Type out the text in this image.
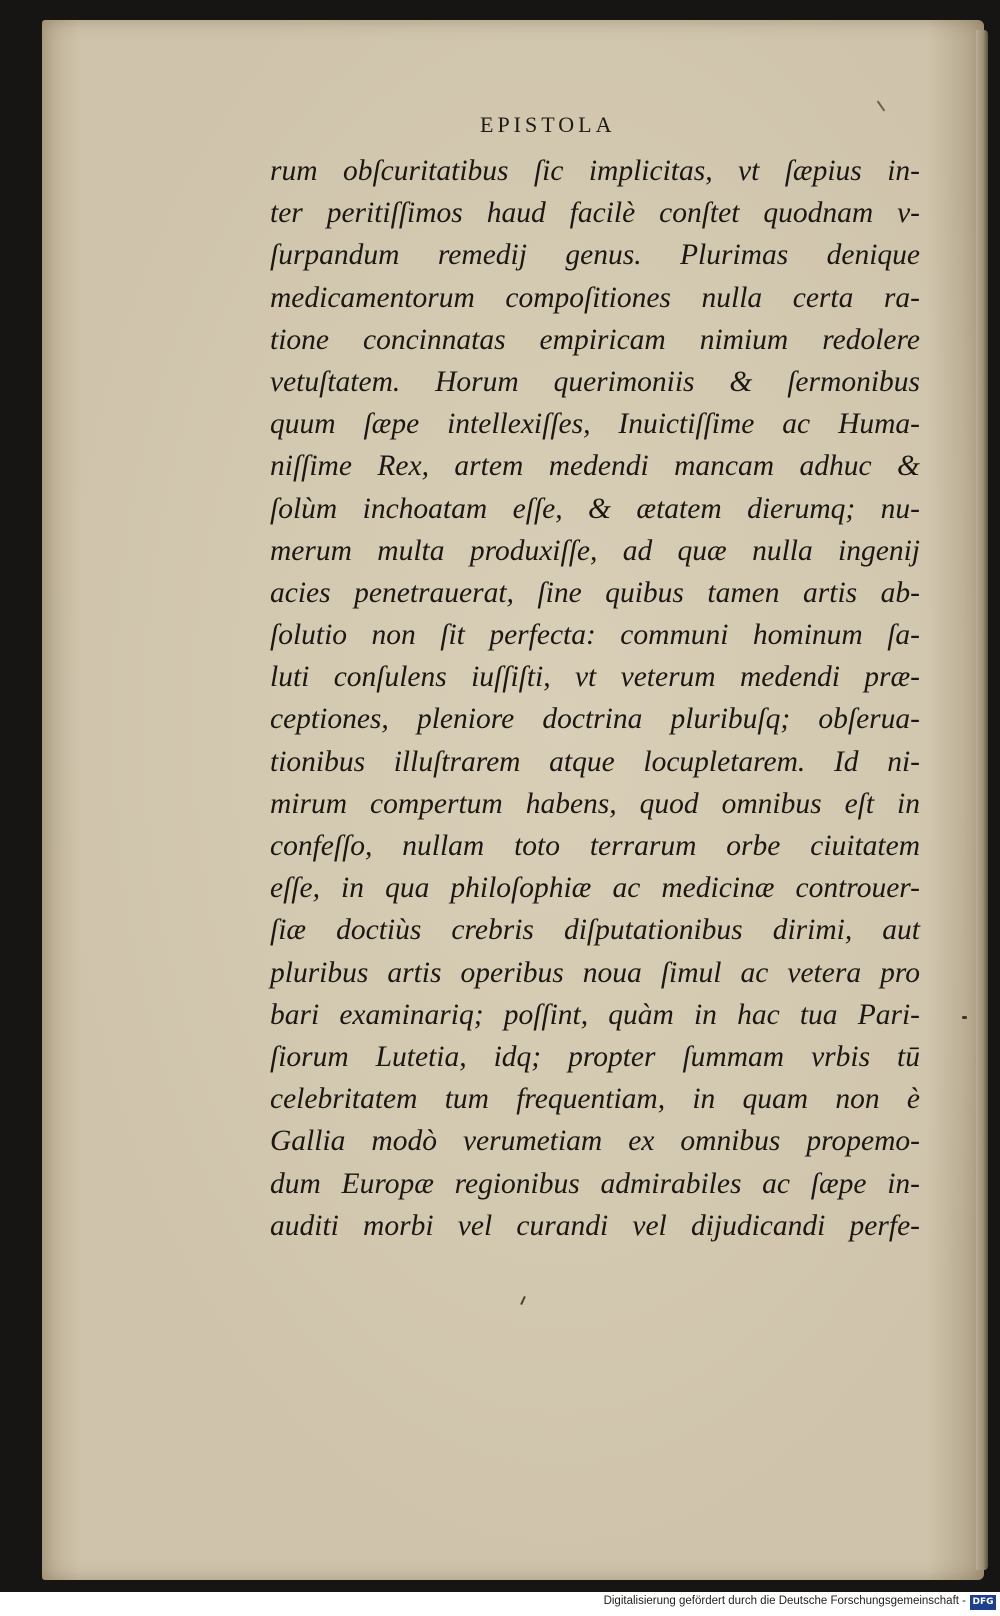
EPISTOLA
rum obſcuritatibus ſic implicitas, vt ſæpius in-
ter peritiſſimos haud facilè conſtet quodnam v-
ſurpandum remedij genus. Plurimas denique
medicamentorum compoſitiones nulla certa ra-
tione concinnatas empiricam nimium redolere
vetuſtatem. Horum querimoniis & ſermonibus
quum ſæpe intellexiſſes, Inuictiſſime ac Huma-
niſſime Rex, artem medendi mancam adhuc &
ſolùm inchoatam eſſe, & ætatem dierumq; nu-
merum multa produxiſſe, ad quæ nulla ingenij
acies penetrauerat, ſine quibus tamen artis ab-
ſolutio non ſit perfecta: communi hominum ſa-
luti conſulens iuſſiſti, vt veterum medendi præ-
ceptiones, pleniore doctrina pluribuſq; obſerua-
tionibus illuſtrarem atque locupletarem. Id ni-
mirum compertum habens, quod omnibus eſt in
confeſſo, nullam toto terrarum orbe ciuitatem
eſſe, in qua philoſophiæ ac medicinæ controuer-
ſiæ doctiùs crebris diſputationibus dirimi, aut
pluribus artis operibus noua ſimul ac vetera pro
bari examinariq; poſſint, quàm in hac tua Pari-
ſiorum Lutetia, idq; propter ſummam vrbis tū
celebritatem tum frequentiam, in quam non è
Gallia modò verumetiam ex omnibus propemo-
dum Europæ regionibus admirabiles ac ſæpe in-
auditi morbi vel curandi vel dijudicandi perfe-
Digitalisierung gefördert durch die Deutsche Forschungsgemeinschaft - DFG
